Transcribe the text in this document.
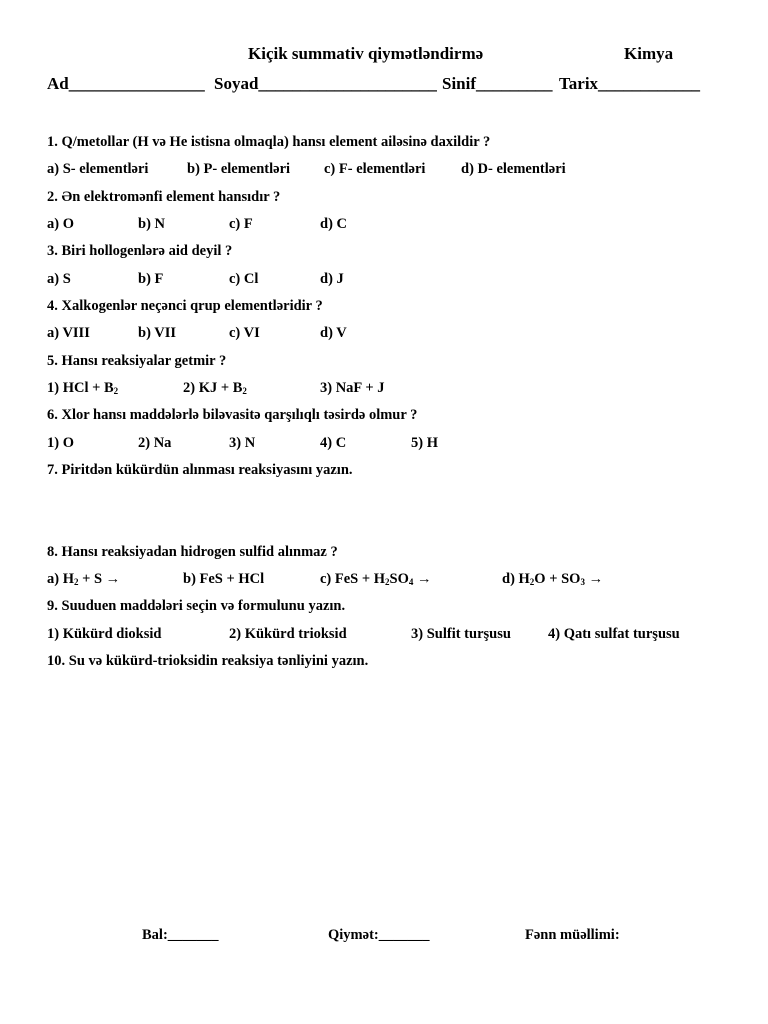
Kiçik summativ qiymətləndirmə	Kimya
Ad________________ Soyad_____________________ Sinif_________ Tarix____________
1. Q/metollar (H və He istisna olmaqla) hansı element ailəsinə daxildir ?
a) S- elementləri	b) P- elementləri c) F- elementləri d) D- elementləri
2. Ən elektromənfi element hansıdır ?
a) O	b) N	c) F	d) C
3. Biri hollogenlərə aid deyil ?
a) S	b) F	c) Cl	d) J
4. Xalkogenlər neçənci qrup elementləridir ?
a) VIII	b) VII	c) VI	d) V
5. Hansı reaksiyalar getmir ?
1) HCl + $B_2$	2) KJ + $B_2$	3) NaF + J
6. Xlor hansı maddələrlə biləvasitə qarşılıqlı təsirdə olmur ?
1) O	2) Na	3) N	4) C	5) H
7. Piritdən kükürdün alınması reaksiyasını yazın.
8. Hansı reaksiyadan hidrogen sulfid alınmaz ?
a) $H_2 + S$ →	b) FeS + HCl	c) FeS + $H_2SO_4$ →	d) $H_2O + SO_3$ →
9. Suuduen maddələri seçin və formulunu yazın.
1) Kükürd dioksid	2) Kükürd trioksid	3) Sulfit turşusu	4) Qatı sulfat turşusu
10. Su və kükürd-trioksidin reaksiya tənliyini yazın.
Bal:_______	Qiymət:_______	Fənn müəllimi:
